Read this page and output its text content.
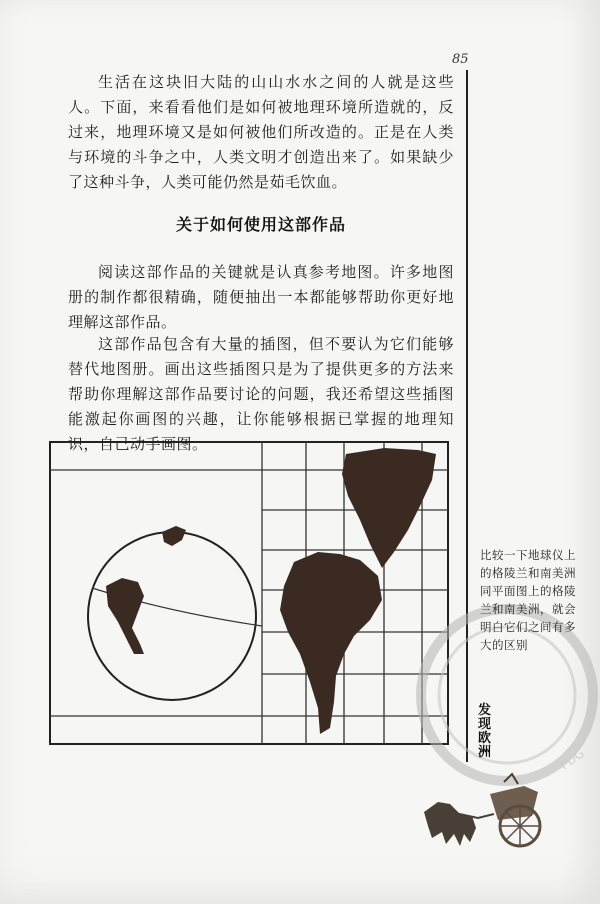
85

生活在这块旧大陆的山山水水之间的人就是这些人。下面，来看看他们是如何被地理环境所造就的，反过来，地理环境又是如何被他们所改造的。正是在人类与环境的斗争之中，人类文明才创造出来了。如果缺少了这种斗争，人类可能仍然是茹毛饮血。

关于如何使用这部作品

阅读这部作品的关键就是认真参考地图。许多地图册的制作都很精确，随便抽出一本都能够帮助你更好地理解这部作品。

这部作品包含有大量的插图，但不要认为它们能够替代地图册。画出这些插图只是为了提供更多的方法来帮助你理解这部作品要讨论的问题，我还希望这些插图能激起你画图的兴趣，让你能够根据已掌握的地理知识，自己动手画图。

PDG
比较一下地球仪上的格陵兰和南美洲同平面图上的格陵兰和南美洲，就会明白它们之间有多大的区别
发现欧洲
